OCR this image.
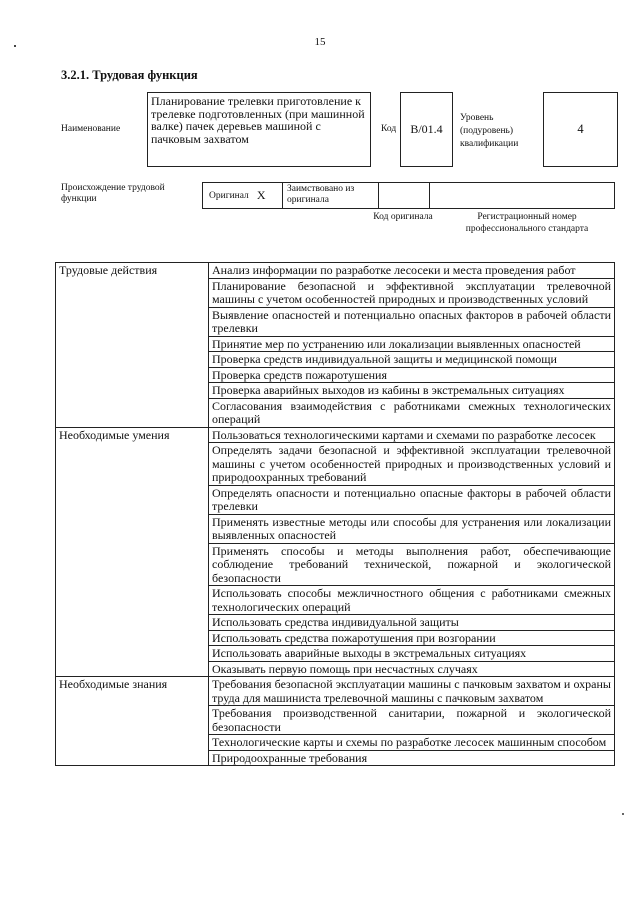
15
3.2.1. Трудовая функция
Наименование
Планирование трелевки приготовление к трелевке подготовленных (при машинной валке) пачек деревьев машиной с пачковым захватом
Код	B/01.4
Уровень (подуровень) квалификации
4
Происхождение трудовой функции	Оригинал X	Заимствовано из оригинала
Код оригинала	Регистрационный номер профессионального стандарта
Трудовые действия	Анализ информации по разработке лесосеки и места проведения работ
	Планирование безопасной и эффективной эксплуатации трелевочной машины с учетом особенностей природных и производственных условий
	Выявление опасностей и потенциально опасных факторов в рабочей области трелевки
	Принятие мер по устранению или локализации выявленных опасностей
	Проверка средств индивидуальной защиты и медицинской помощи
	Проверка средств пожаротушения
	Проверка аварийных выходов из кабины в экстремальных ситуациях
	Согласования взаимодействия с работниками смежных технологических операций
Необходимые умения	Пользоваться технологическими картами и схемами по разработке лесосек
	Определять задачи безопасной и эффективной эксплуатации трелевочной машины с учетом особенностей природных и производственных условий и природоохранных требований
	Определять опасности и потенциально опасные факторы в рабочей области трелевки
	Применять известные методы или способы для устранения или локализации выявленных опасностей
	Применять способы и методы выполнения работ, обеспечивающие соблюдение требований технической, пожарной и экологической безопасности
	Использовать способы межличностного общения с работниками смежных технологических операций
	Использовать средства индивидуальной защиты
	Использовать средства пожаротушения при возгорании
	Использовать аварийные выходы в экстремальных ситуациях
	Оказывать первую помощь при несчастных случаях
Необходимые знания	Требования безопасной эксплуатации машины с пачковым захватом и охраны труда для машиниста трелевочной машины с пачковым захватом
	Требования производственной санитарии, пожарной и экологической безопасности
	Технологические карты и схемы по разработке лесосек машинным способом
	Природоохранные требования
